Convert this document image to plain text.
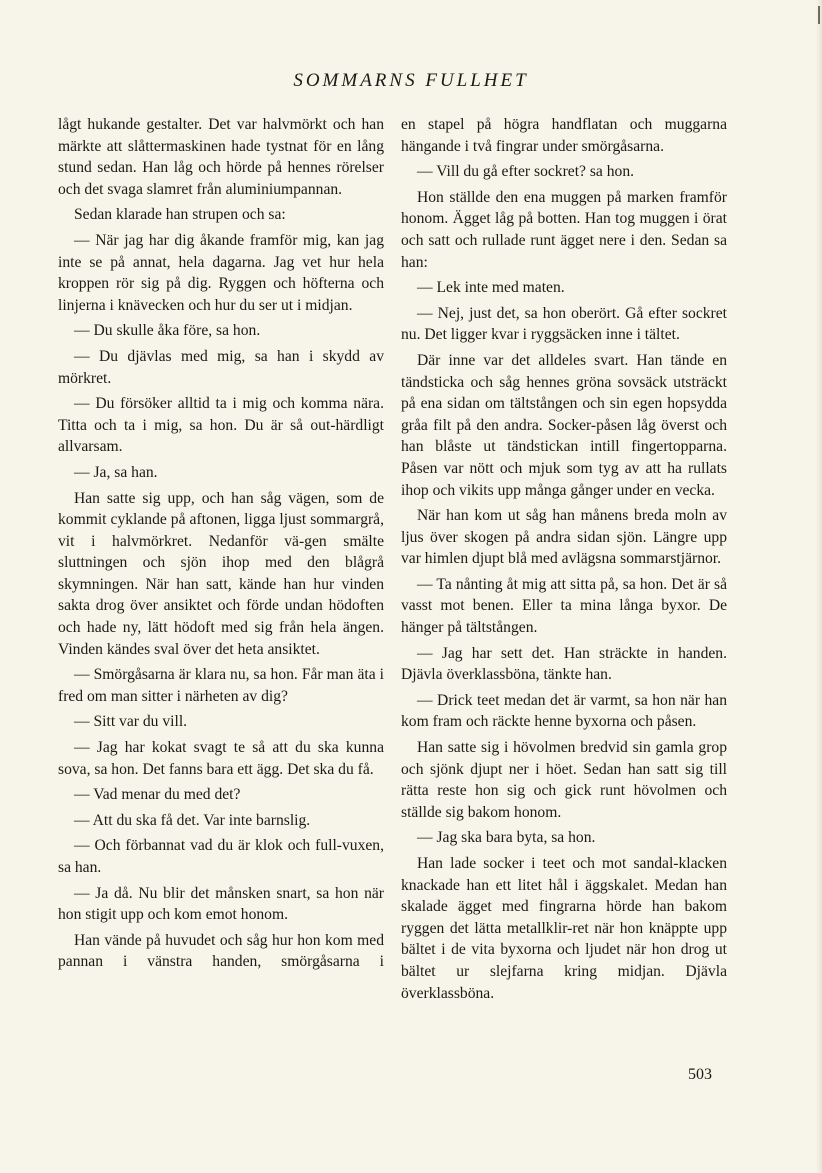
SOMMARNS FULLHET

lågt hukande gestalter. Det var halvmörkt och han märkte att slåttermaskinen hade tystnat för en lång stund sedan. Han låg och hörde på hennes rörelser och det svaga slamret från aluminiumpannan.

Sedan klarade han strupen och sa:

— När jag har dig åkande framför mig, kan jag inte se på annat, hela dagarna. Jag vet hur hela kroppen rör sig på dig. Ryggen och höfterna och linjerna i knävecken och hur du ser ut i midjan.

— Du skulle åka före, sa hon.

— Du djävlas med mig, sa han i skydd av mörkret.

— Du försöker alltid ta i mig och komma nära. Titta och ta i mig, sa hon. Du är så out-härdligt allvarsam.

— Ja, sa han.

Han satte sig upp, och han såg vägen, som de kommit cyklande på aftonen, ligga ljust sommargrå, vit i halvmörkret. Nedanför vä-gen smälte sluttningen och sjön ihop med den blågrå skymningen. När han satt, kände han hur vinden sakta drog över ansiktet och förde undan hödoften och hade ny, lätt hödoft med sig från hela ängen. Vinden kändes sval över det heta ansiktet.

— Smörgåsarna är klara nu, sa hon. Får man äta i fred om man sitter i närheten av dig?

— Sitt var du vill.

— Jag har kokat svagt te så att du ska kunna sova, sa hon. Det fanns bara ett ägg. Det ska du få.

— Vad menar du med det?

— Att du ska få det. Var inte barnslig.

— Och förbannat vad du är klok och full-vuxen, sa han.

— Ja då. Nu blir det månsken snart, sa hon när hon stigit upp och kom emot honom.

Han vände på huvudet och såg hur hon kom med pannan i vänstra handen, smörgåsarna i

en stapel på högra handflatan och muggarna hängande i två fingrar under smörgåsarna.

— Vill du gå efter sockret? sa hon.

Hon ställde den ena muggen på marken framför honom. Ägget låg på botten. Han tog muggen i örat och satt och rullade runt ägget nere i den. Sedan sa han:

— Lek inte med maten.

— Nej, just det, sa hon oberört. Gå efter sockret nu. Det ligger kvar i ryggsäcken inne i tältet.

Där inne var det alldeles svart. Han tände en tändsticka och såg hennes gröna sovsäck utsträckt på ena sidan om tältstången och sin egen hopsydda gråa filt på den andra. Socker-påsen låg överst och han blåste ut tändstickan intill fingertopparna. Påsen var nött och mjuk som tyg av att ha rullats ihop och vikits upp många gånger under en vecka.

När han kom ut såg han månens breda moln av ljus över skogen på andra sidan sjön. Längre upp var himlen djupt blå med avlägsna sommarstjärnor.

— Ta nånting åt mig att sitta på, sa hon. Det är så vasst mot benen. Eller ta mina långa byxor. De hänger på tältstången.

— Jag har sett det. Han sträckte in handen. Djävla överklassböna, tänkte han.

— Drick teet medan det är varmt, sa hon när han kom fram och räckte henne byxorna och påsen.

Han satte sig i hövolmen bredvid sin gamla grop och sjönk djupt ner i höet. Sedan han satt sig till rätta reste hon sig och gick runt hövolmen och ställde sig bakom honom.

— Jag ska bara byta, sa hon.

Han lade socker i teet och mot sandal-klacken knackade han ett litet hål i äggskalet. Medan han skalade ägget med fingrarna hörde han bakom ryggen det lätta metallklir-ret när hon knäppte upp bältet i de vita byxorna och ljudet när hon drog ut bältet ur slejfarna kring midjan. Djävla överklassböna.

503
